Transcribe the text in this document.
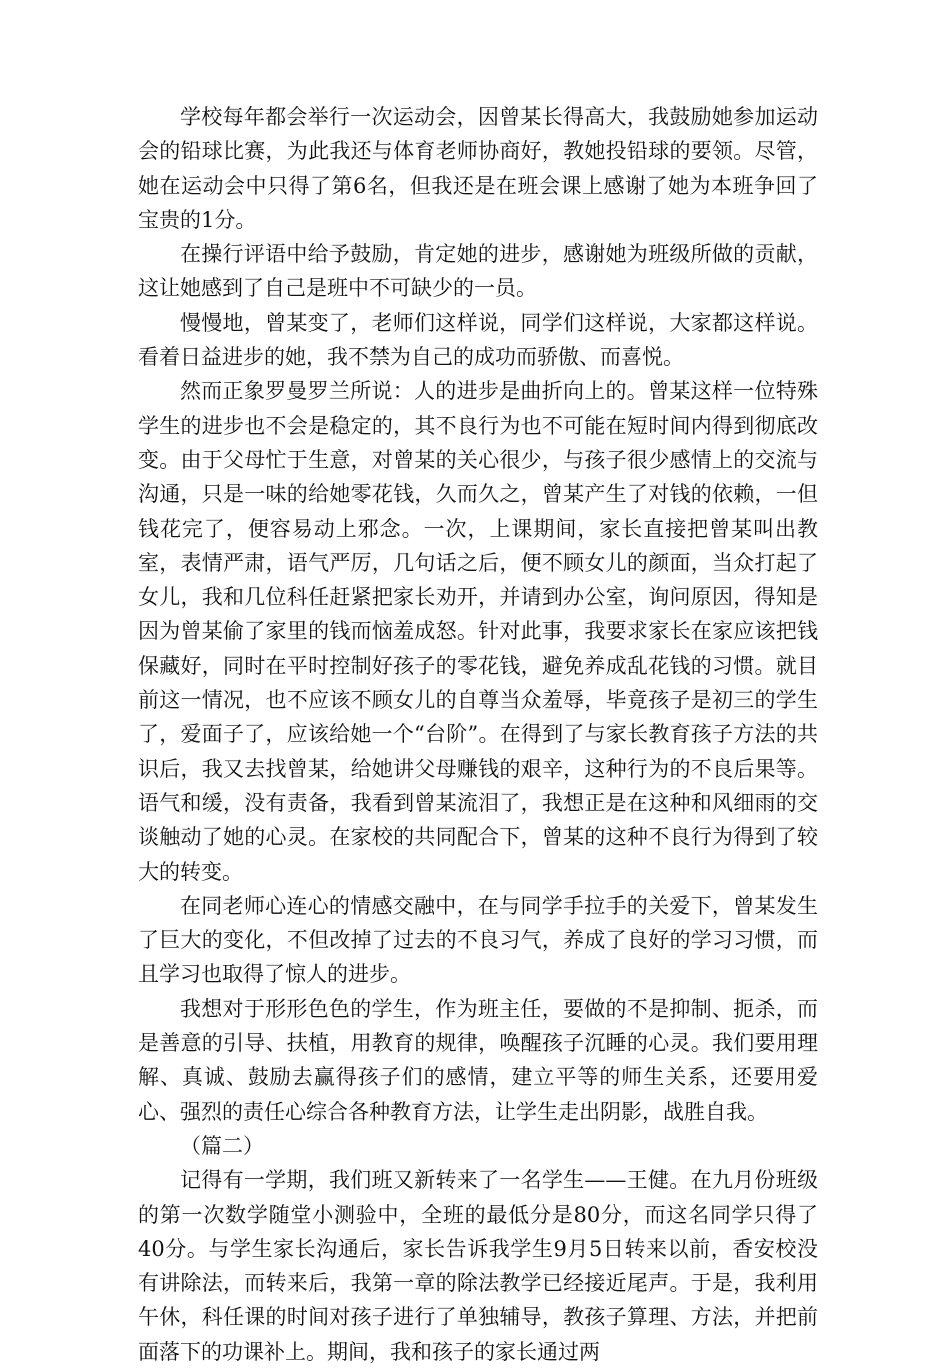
学校每年都会举行一次运动会，因曾某长得高大，我鼓励她参加运动会的铅球比赛，为此我还与体育老师协商好，教她投铅球的要领。尽管，她在运动会中只得了第6名，但我还是在班会课上感谢了她为本班争回了宝贵的1分。

在操行评语中给予鼓励，肯定她的进步，感谢她为班级所做的贡献，这让她感到了自己是班中不可缺少的一员。

慢慢地，曾某变了，老师们这样说，同学们这样说，大家都这样说。看着日益进步的她，我不禁为自己的成功而骄傲、而喜悦。

然而正象罗曼罗兰所说：人的进步是曲折向上的。曾某这样一位特殊学生的进步也不会是稳定的，其不良行为也不可能在短时间内得到彻底改变。由于父母忙于生意，对曾某的关心很少，与孩子很少感情上的交流与沟通，只是一味的给她零花钱，久而久之，曾某产生了对钱的依赖，一但钱花完了，便容易动上邪念。一次，上课期间，家长直接把曾某叫出教室，表情严肃，语气严厉，几句话之后，便不顾女儿的颜面，当众打起了女儿，我和几位科任赶紧把家长劝开，并请到办公室，询问原因，得知是因为曾某偷了家里的钱而恼羞成怒。针对此事，我要求家长在家应该把钱保藏好，同时在平时控制好孩子的零花钱，避免养成乱花钱的习惯。就目前这一情况，也不应该不顾女儿的自尊当众羞辱，毕竟孩子是初三的学生了，爱面子了，应该给她一个“台阶”。在得到了与家长教育孩子方法的共识后，我又去找曾某，给她讲父母赚钱的艰辛，这种行为的不良后果等。语气和缓，没有责备，我看到曾某流泪了，我想正是在这种和风细雨的交谈触动了她的心灵。在家校的共同配合下，曾某的这种不良行为得到了较大的转变。

在同老师心连心的情感交融中，在与同学手拉手的关爱下，曾某发生了巨大的变化，不但改掉了过去的不良习气，养成了良好的学习习惯，而且学习也取得了惊人的进步。

我想对于形形色色的学生，作为班主任，要做的不是抑制、扼杀，而是善意的引导、扶植，用教育的规律，唤醒孩子沉睡的心灵。我们要用理解、真诚、鼓励去赢得孩子们的感情，建立平等的师生关系，还要用爱心、强烈的责任心综合各种教育方法，让学生走出阴影，战胜自我。

（篇二）

记得有一学期，我们班又新转来了一名学生——王健。在九月份班级的第一次数学随堂小测验中，全班的最低分是80分，而这名同学只得了40分。与学生家长沟通后，家长告诉我学生9月5日转来以前，香安校没有讲除法，而转来后，我第一章的除法教学已经接近尾声。于是，我利用午休，科任课的时间对孩子进行了单独辅导，教孩子算理、方法，并把前面落下的功课补上。期间，我和孩子的家长通过两
